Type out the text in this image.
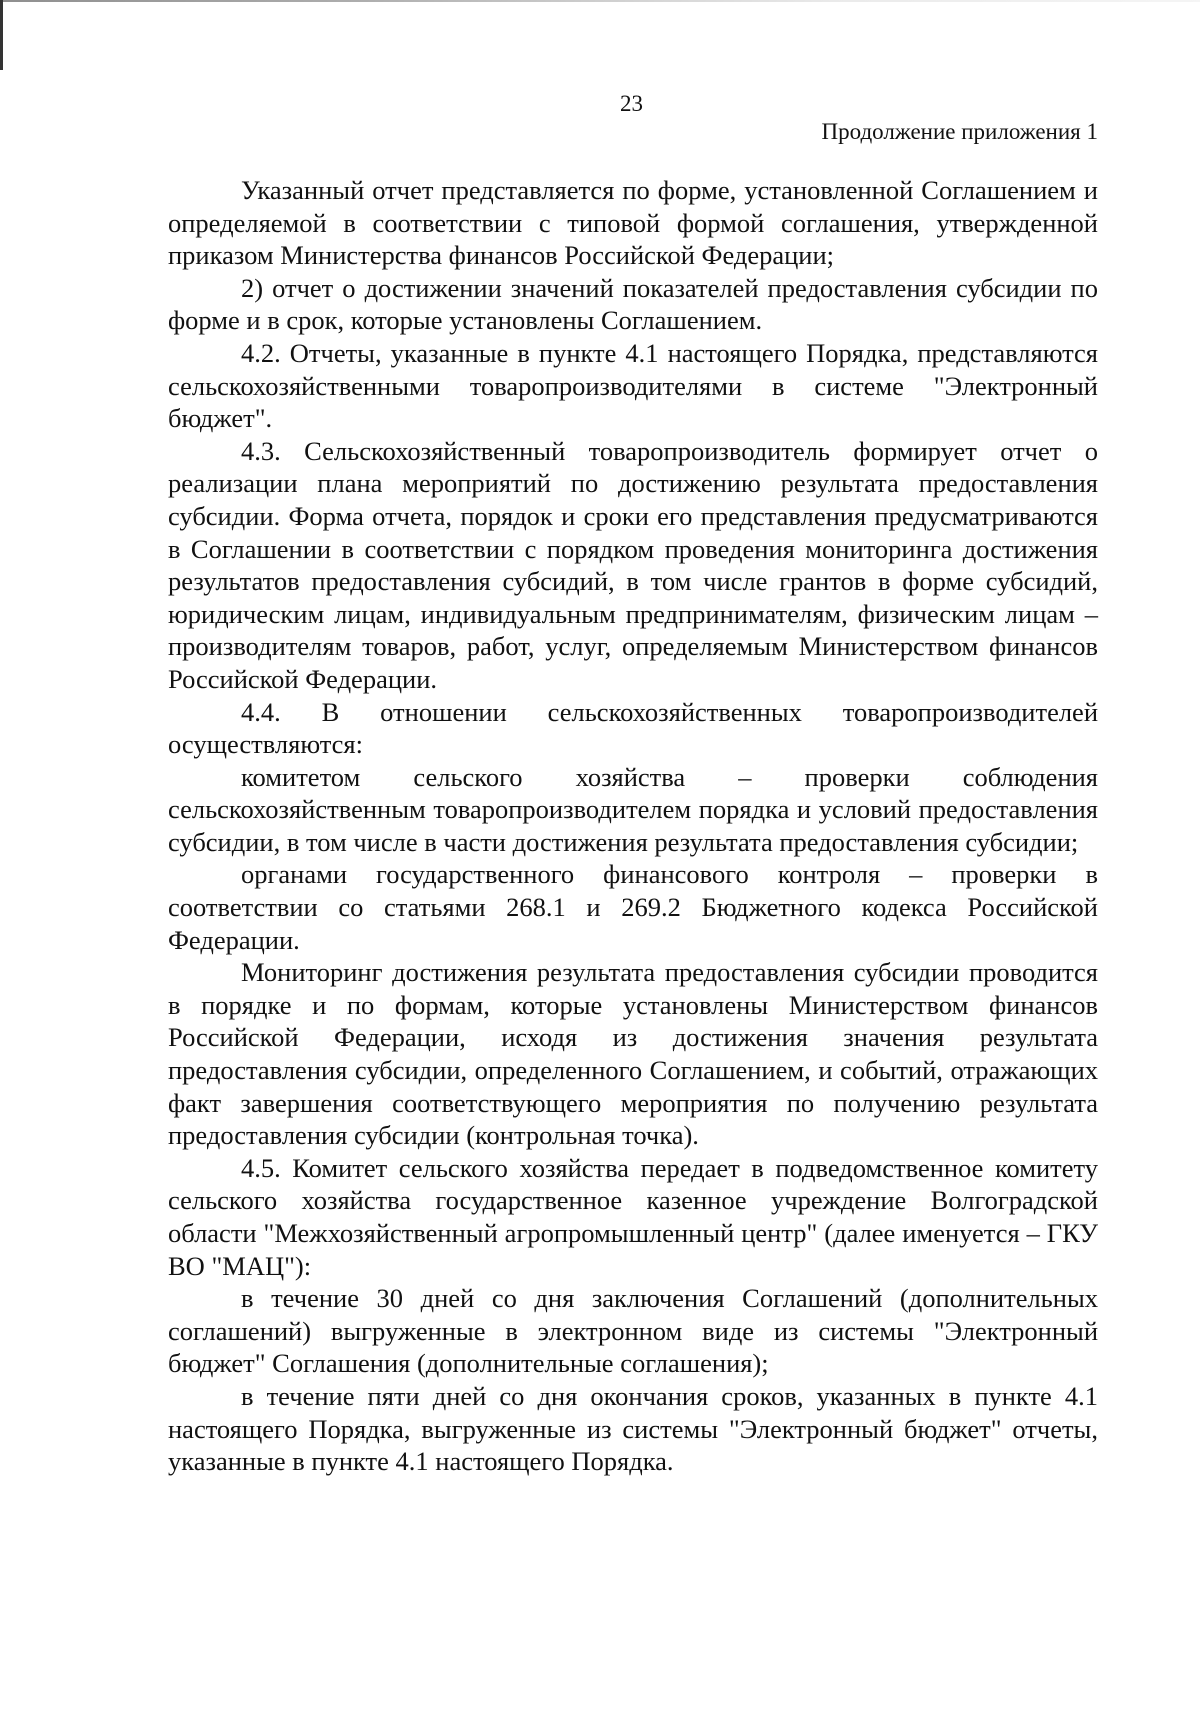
23
Продолжение приложения 1

Указанный отчет представляется по форме, установленной Соглашением и определяемой в соответствии с типовой формой соглашения, утвержденной приказом Министерства финансов Российской Федерации;

2) отчет о достижении значений показателей предоставления субсидии по форме и в срок, которые установлены Соглашением.

4.2. Отчеты, указанные в пункте 4.1 настоящего Порядка, представляются сельскохозяйственными товаропроизводителями в системе "Электронный бюджет".

4.3. Сельскохозяйственный товаропроизводитель формирует отчет о реализации плана мероприятий по достижению результата предоставления субсидии. Форма отчета, порядок и сроки его представления предусматриваются в Соглашении в соответствии с порядком проведения мониторинга достижения результатов предоставления субсидий, в том числе грантов в форме субсидий, юридическим лицам, индивидуальным предпринимателям, физическим лицам – производителям товаров, работ, услуг, определяемым Министерством финансов Российской Федерации.

4.4. В отношении сельскохозяйственных товаропроизводителей осуществляются:

комитетом сельского хозяйства – проверки соблюдения сельскохозяйственным товаропроизводителем порядка и условий предоставления субсидии, в том числе в части достижения результата предоставления субсидии;

органами государственного финансового контроля – проверки в соответствии со статьями 268.1 и 269.2 Бюджетного кодекса Российской Федерации.

Мониторинг достижения результата предоставления субсидии проводится в порядке и по формам, которые установлены Министерством финансов Российской Федерации, исходя из достижения значения результата предоставления субсидии, определенного Соглашением, и событий, отражающих факт завершения соответствующего мероприятия по получению результата предоставления субсидии (контрольная точка).

4.5. Комитет сельского хозяйства передает в подведомственное комитету сельского хозяйства государственное казенное учреждение Волгоградской области "Межхозяйственный агропромышленный центр" (далее именуется – ГКУ ВО "МАЦ"):

в течение 30 дней со дня заключения Соглашений (дополнительных соглашений) выгруженные в электронном виде из системы "Электронный бюджет" Соглашения (дополнительные соглашения);

в течение пяти дней со дня окончания сроков, указанных в пункте 4.1 настоящего Порядка, выгруженные из системы "Электронный бюджет" отчеты, указанные в пункте 4.1 настоящего Порядка.
